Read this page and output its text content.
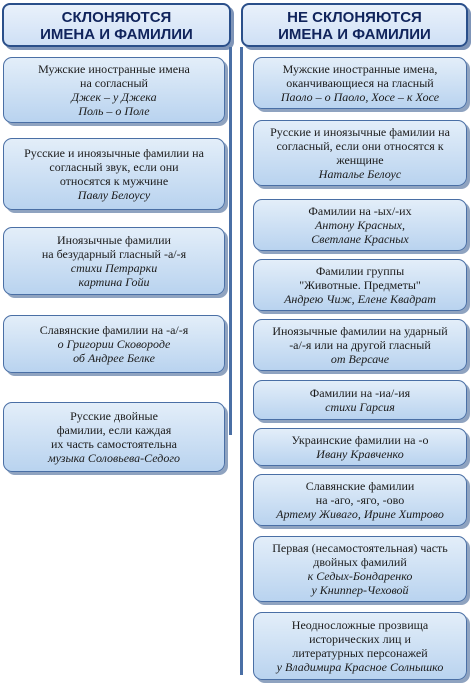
СКЛОНЯЮТСЯ
ИМЕНА И ФАМИЛИИ
НЕ СКЛОНЯЮТСЯ
ИМЕНА И ФАМИЛИИ
Мужские иностранные имена
на согласный
Джек – у Джека
Поль – о Поле
Русские и иноязычные фамилии на
согласный звук, если они
относятся к мужчине
Павлу Белоусу
Иноязычные фамилии
на безударный гласный -а/-я
стихи Петрарки
картина Гойи
Славянские фамилии на -а/-я
о Григории Сковороде
об Андрее Белке
Русские двойные
фамилии, если каждая
их часть самостоятельна
музыка Соловьева-Седого
Мужские иностранные имена,
оканчивающиеся на гласный
Паоло – о Паоло, Хосе – к Хосе
Русские и иноязычные фамилии на
согласный, если они относятся к
женщине
Наталье Белоус
Фамилии на -ых/-их
Антону Красных,
Светлане Красных
Фамилии группы
"Животные. Предметы"
Андрею Чиж, Елене Квадрат
Иноязычные фамилии на ударный
-а/-я или на другой гласный
от Версаче
Фамилии на -иа/-ия
стихи Гарсия
Украинские фамилии на -о
Ивану Кравченко
Славянские фамилии
на -аго, -яго, -ово
Артему Живаго, Ирине Хитрово
Первая (несамостоятельная) часть
двойных фамилий
к Седых-Бондаренко
у Книппер-Чеховой
Неодносложные прозвища
исторических лиц и
литературных персонажей
у Владимира Красное Солнышко
